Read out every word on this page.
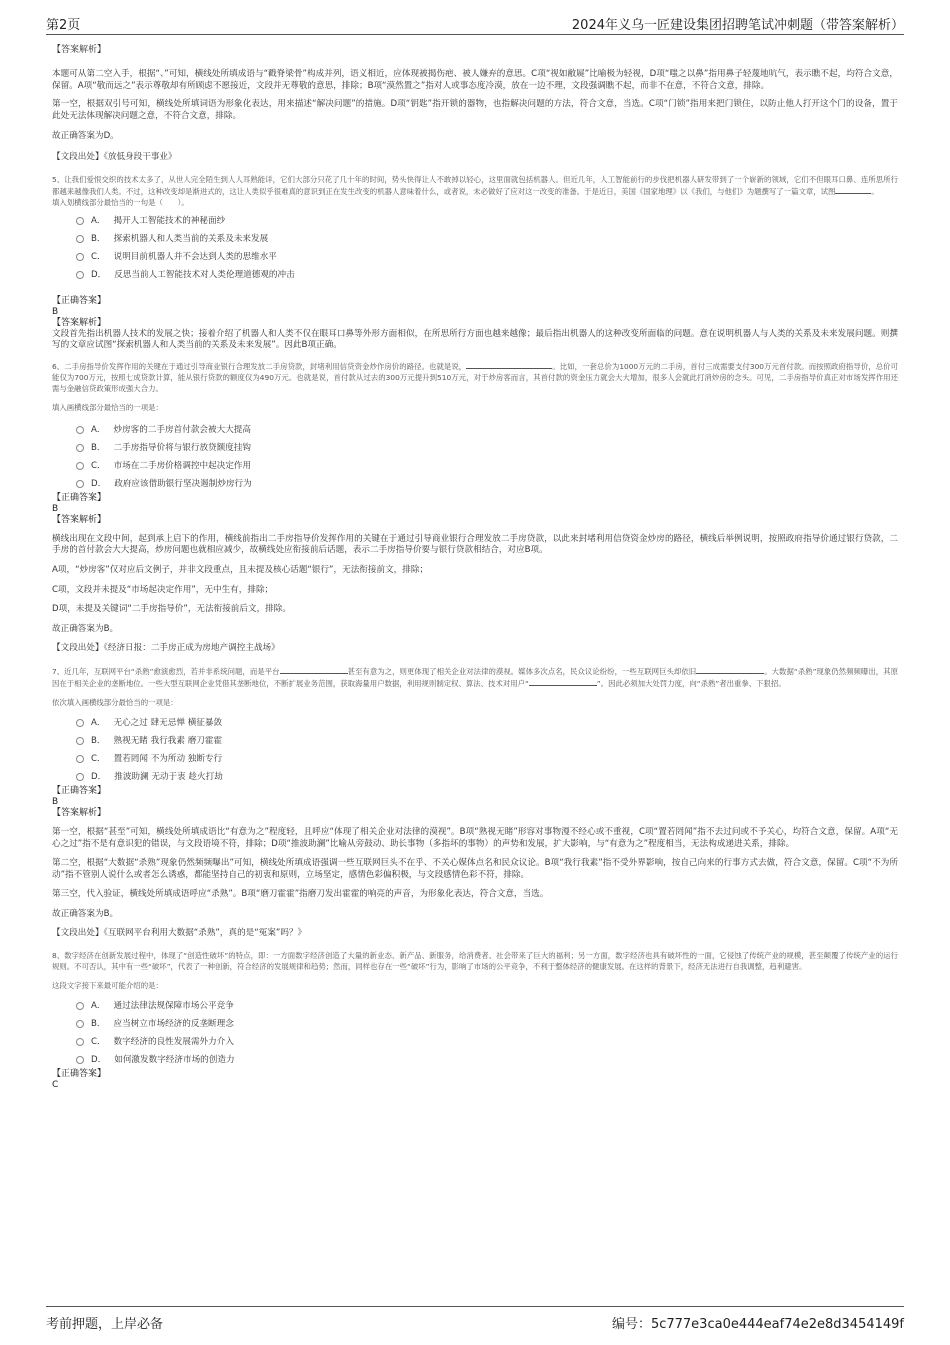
第2页	2024年义乌一匠建设集团招聘笔试冲刺题（带答案解析）

【答案解析】

本题可从第二空入手，根据“、”可知，横线处所填成语与“戳脊梁骨”构成并列，语义相近，应体现被揭伤疤、被人嫌弃的意思。C项“视如敝屣”比喻极为轻视，D项“嗤之以鼻”指用鼻子轻蔑地吭气，表示瞧不起，均符合文意，保留。A项“敬而远之”表示尊敬却有所顾虑不愿接近，文段并无尊敬的意思，排除；B项“漠然置之”指对人或事态度冷漠，放在一边不理，文段强调瞧不起，而非不在意，不符合文意，排除。

第一空，根据双引号可知，横线处所填词语为形象化表达，用来描述“解决问题”的措施。D项“钥匙”指开锁的器物，也指解决问题的方法，符合文意，当选。C项“门锁”指用来把门锁住，以防止他人打开这个门的设备，置于此处无法体现解决问题之意，不符合文意，排除。

故正确答案为D。

【文段出处】《放低身段干事业》

5、让我们爱恨交织的技术太多了，从世人完全陌生到人人耳熟能详，它们大部分只花了几十年的时间，势头快得让人不敢掉以轻心，这里面就包括机器人。但近几年，人工智能前行的步伐把机器人研发带到了一个崭新的领域，它们不但眼耳口鼻、连所思所行都越来越像我们人类。不过，这种改变却是渐进式的，这让人类似乎很难真的意识到正在发生改变的机器人意味着什么，或者说，未必做好了应对这一改变的准备。于是近日，美国《国家地理》以《我们，与他们》为题撰写了一篇文章，试图	。

填入划横线部分最恰当的一句是（　　）。

A． 揭开人工智能技术的神秘面纱
B． 探索机器人和人类当前的关系及未来发展
C． 说明目前机器人并不会达到人类的思维水平
D． 反思当前人工智能技术对人类伦理道德观的冲击

【正确答案】

B

【答案解析】

文段首先指出机器人技术的发展之快；接着介绍了机器人和人类不仅在眼耳口鼻等外形方面相似，在所思所行方面也越来越像；最后指出机器人的这种改变所面临的问题。意在说明机器人与人类的关系及未来发展问题。则撰写的文章应试图“探索机器人和人类当前的关系及未来发展”。因此B项正确。

6、二手房指导价发挥作用的关键在于通过引导商业银行合理发放二手房贷款，封堵利用信贷资金炒作房价的路径。也就是说，	。比如，一套总价为1000万元的二手房，首付三成需要支付300万元首付款。而按照政府指导价，总价可能仅为700万元，按照七成贷款计算，能从银行贷款的额度仅为490万元。也就是说，首付款从过去的300万元提升到510万元，对于炒房客而言，其首付款的资金压力就会大大增加，很多人会就此打消炒房的念头。可见，二手房指导价真正对市场发挥作用还需与金融信贷政策形成强大合力。

填入画横线部分最恰当的一项是：

A． 炒房客的二手房首付款会被大大提高
B． 二手房指导价将与银行放贷额度挂钩
C． 市场在二手房价格调控中起决定作用
D． 政府应该借助银行坚决遏制炒房行为

【正确答案】

B

【答案解析】

横线出现在文段中间，起到承上启下的作用，横线前指出二手房指导价发挥作用的关键在于通过引导商业银行合理发放二手房贷款，以此来封堵利用信贷资金炒房的路径，横线后举例说明，按照政府指导价通过银行贷款，二手房的首付款会大大提高，炒房问题也就相应减少，故横线处应衔接前后话题，表示二手房指导价要与银行贷款相结合，对应B项。

A项，“炒房客”仅对应后文例子，并非文段重点，且未提及核心话题“银行”，无法衔接前文，排除；

C项，文段并未提及“市场起决定作用”，无中生有，排除；

D项，未提及关键词“二手房指导价”，无法衔接前后文，排除。

故正确答案为B。

【文段出处】《经济日报：二手房正成为房地产调控主战场》

7、近几年，互联网平台“杀熟”愈演愈烈，若并非系统问题，而是平台	甚至有意为之，则更体现了相关企业对法律的漠视。媒体多次点名，民众议论纷纷，一些互联网巨头却依旧	。大数据“杀熟”现象仍然频频曝出，其原因在于相关企业的垄断地位。一些大型互联网企业凭借其垄断地位，不断扩展业务范围，获取海量用户数据，利用规则制定权、算法、技术对用户“	”。因此必须加大处罚力度，向“杀熟”者出重拳、下狠招。

依次填入画横线部分最恰当的一项是：

A． 无心之过 肆无忌惮 横征暴敛
B． 熟视无睹 我行我素 磨刀霍霍
C． 置若罔闻 不为所动 独断专行
D． 推波助澜 无动于衷 趁火打劫

【正确答案】

B

【答案解析】

第一空，根据“甚至”可知，横线处所填成语比“有意为之”程度轻，且呼应“体现了相关企业对法律的漠视”。B项“熟视无睹”形容对事物漫不经心或不重视，C项“置若罔闻”指不去过问或不予关心，均符合文意，保留。A项“无心之过”指不是有意识犯的错误，与文段语境不符，排除；D项“推波助澜”比喻从旁鼓动、助长事物（多指坏的事物）的声势和发展，扩大影响，与“有意为之”程度相当，无法构成递进关系，排除。

第二空，根据“大数据“杀熟”现象仍然频频曝出”可知，横线处所填成语强调一些互联网巨头不在乎、不关心媒体点名和民众议论。B项“我行我素”指不受外界影响，按自己向来的行事方式去做，符合文意，保留。C项“不为所动”指不管别人说什么或者怎么诱惑，都能坚持自己的初衷和原则，立场坚定，感情色彩偏积极，与文段感情色彩不符，排除。

第三空，代入验证，横线处所填成语呼应“杀熟”。B项“磨刀霍霍”指磨刀发出霍霍的响亮的声音，为形象化表达，符合文意，当选。

故正确答案为B。

【文段出处】《互联网平台利用大数据“杀熟”，真的是“冤案”吗？》

8、数字经济在创新发展过程中，体现了“创造性破坏”的特点，即：一方面数字经济创造了大量的新业态、新产品、新服务，给消费者、社会带来了巨大的福利；另一方面，数字经济也具有破坏性的一面，它侵蚀了传统产业的规模，甚至颠覆了传统产业的运行规则。不可否认，其中有一些“破坏”，代表了一种创新，符合经济的发展规律和趋势；然而，同样也存在一些“破坏”行为，影响了市场的公平竞争，不利于整体经济的健康发展。在这样的背景下，经济无法进行自我调整，趋利避害。

这段文字接下来最可能介绍的是：

A． 通过法律法规保障市场公平竞争
B． 应当树立市场经济的反垄断理念
C． 数字经济的良性发展需外力介入
D． 如何激发数字经济市场的创造力

【正确答案】

C

考前押题，上岸必备	编号：5c777e3ca0e444eaf74e2e8d3454149f
